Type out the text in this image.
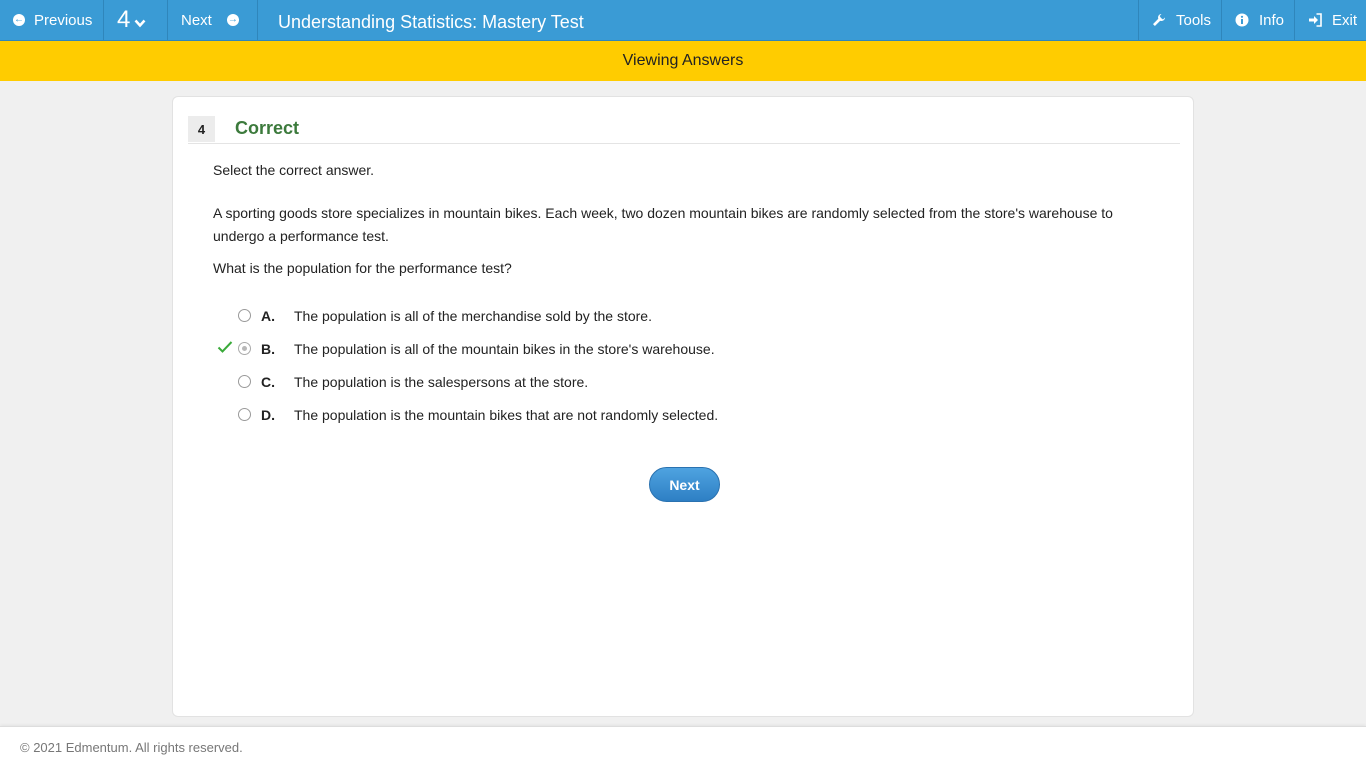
← Previous 4	Next → Understanding Statistics: Mastery Test	Tools	Info	Exit
Viewing Answers
4	Correct
Select the correct answer.
A sporting goods store specializes in mountain bikes. Each week, two dozen mountain bikes are randomly selected from the store's warehouse to undergo a performance test.
What is the population for the performance test?
A. The population is all of the merchandise sold by the store.
B. The population is all of the mountain bikes in the store's warehouse.
C. The population is the salespersons at the store.
D. The population is the mountain bikes that are not randomly selected.
Next
© 2021 Edmentum. All rights reserved.
